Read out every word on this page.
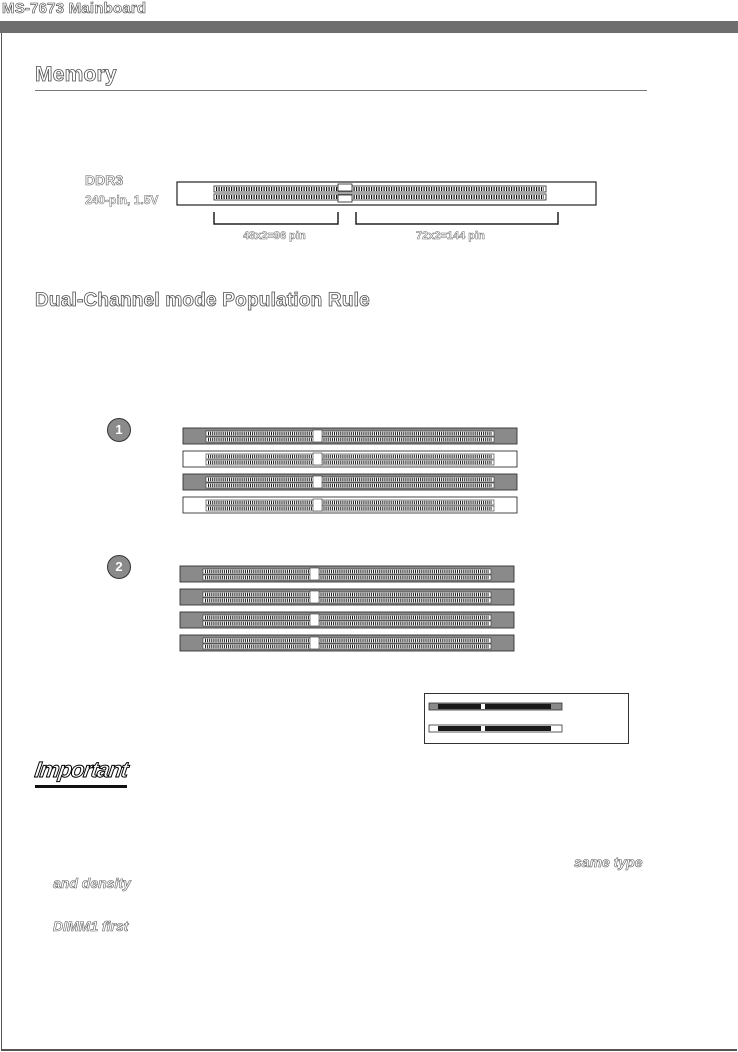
MS-7673 Mainboard
Memory
DDR3
240-pin, 1.5V
48x2=96 pin	72x2=144 pin
Dual-Channel mode Population Rule
1
2
Important
same type
and density
DIMM1 first
